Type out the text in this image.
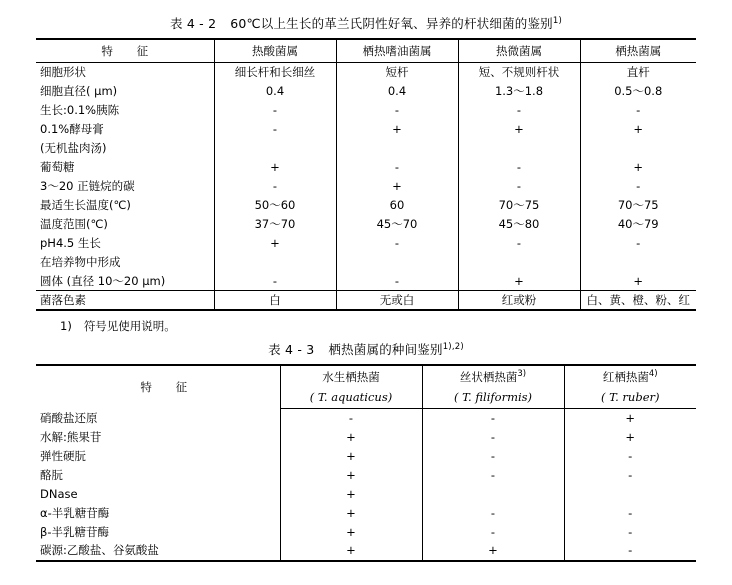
表 4 - 2 60℃以上生长的革兰氏阴性好氧、异养的杆状细菌的鉴别$^{1)}$
特 征	热酸菌属	栖热嗜油菌属	热微菌属	栖热菌属
细胞形状	细长杆和长细丝	短杆	短、不规则杆状	直杆
细胞直径( μm)	0.4	0.4	1.3～1.8	0.5～0.8
生长:0.1%胰陈	-	-	-	-
0.1%酵母膏	-	+	+	+
(无机盐肉汤)				
葡萄糖	+	-	-	+
3～20 正链烷的碳	-	+	-	-
最适生长温度(℃)	50～60	60	70～75	70～75
温度范围(℃)	37～70	45～70	45～80	40～79
pH4.5 生长	+	-	-	-
在培养物中形成				
圆体 (直径 10～20 μm)	-	-	+	+
菌落色素	白	无或白	红或粉	白、黄、橙、粉、红
1) 符号见使用说明。
表 4 - 3 栖热菌属的种间鉴别$^{1),2)}$
特 征	水生栖热菌	丝状栖热菌$^{3)}$	红栖热菌$^{4)}$
	( T. aquaticus)	( T. filiformis)	( T. ruber)
硝酸盐还原	-	-	+
水解:熊果苷	+	-	+
弹性硬朊	+	-	-
酪朊	+	-	-
DNase	+		
α-半乳糖苷酶	+	-	-
β-半乳糖苷酶	+	-	-
碳源:乙酸盐、谷氨酸盐	+	+	-
